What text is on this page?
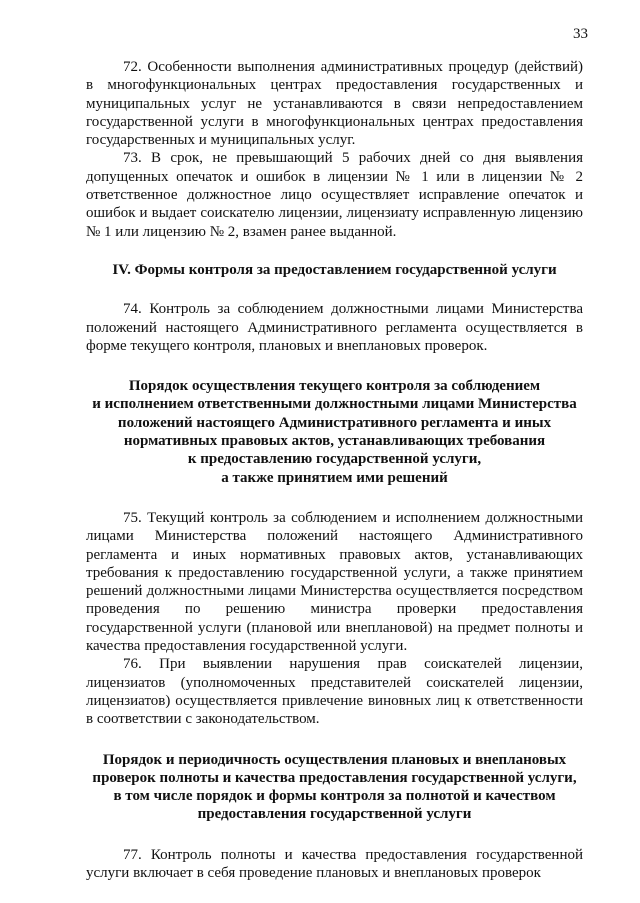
33

72. Особенности выполнения административных процедур (действий) в многофункциональных центрах предоставления государственных и муниципальных услуг не устанавливаются в связи непредоставлением государственной услуги в многофункциональных центрах предоставления государственных и муниципальных услуг.

73. В срок, не превышающий 5 рабочих дней со дня выявления допущенных опечаток и ошибок в лицензии № 1 или в лицензии № 2 ответственное должностное лицо осуществляет исправление опечаток и ошибок и выдает соискателю лицензии, лицензиату исправленную лицензию № 1 или лицензию № 2, взамен ранее выданной.

IV. Формы контроля за предоставлением государственной услуги

74. Контроль за соблюдением должностными лицами Министерства положений настоящего Административного регламента осуществляется в форме текущего контроля, плановых и внеплановых проверок.

Порядок осуществления текущего контроля за соблюдением
и исполнением ответственными должностными лицами Министерства
положений настоящего Административного регламента и иных
нормативных правовых актов, устанавливающих требования
к предоставлению государственной услуги,
а также принятием ими решений

75. Текущий контроль за соблюдением и исполнением должностными лицами Министерства положений настоящего Административного регламента и иных нормативных правовых актов, устанавливающих требования к предоставлению государственной услуги, а также принятием решений должностными лицами Министерства осуществляется посредством проведения по решению министра проверки предоставления государственной услуги (плановой или внеплановой) на предмет полноты и качества предоставления государственной услуги.

76. При выявлении нарушения прав соискателей лицензии, лицензиатов (уполномоченных представителей соискателей лицензии, лицензиатов) осуществляется привлечение виновных лиц к ответственности в соответствии с законодательством.

Порядок и периодичность осуществления плановых и внеплановых
проверок полноты и качества предоставления государственной услуги,
в том числе порядок и формы контроля за полнотой и качеством
предоставления государственной услуги

77. Контроль полноты и качества предоставления государственной услуги включает в себя проведение плановых и внеплановых проверок
